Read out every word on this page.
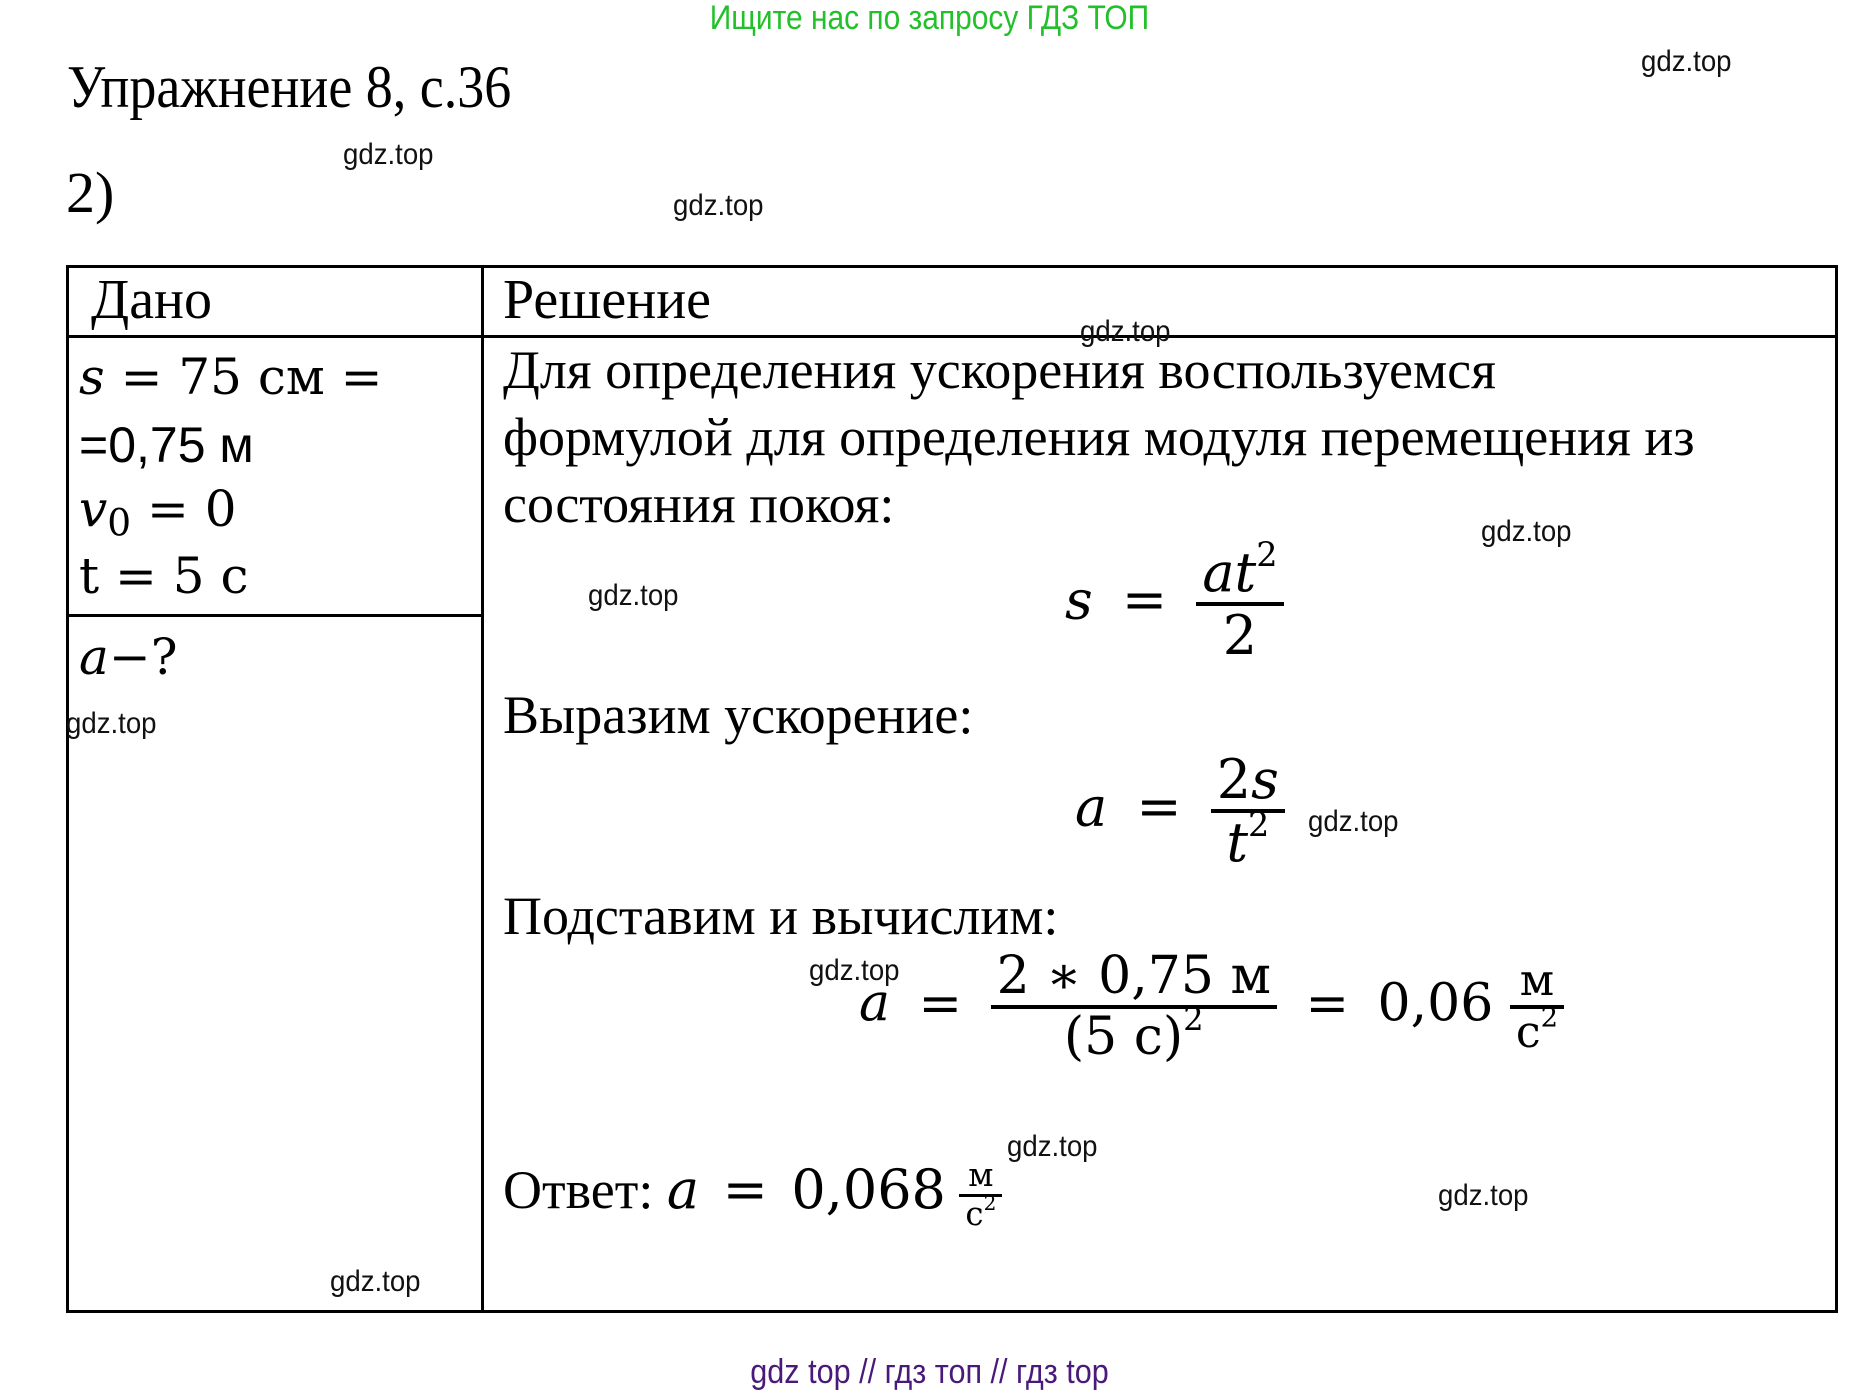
Ищите нас по запросу ГДЗ ТОП
Упражнение 8, с.36
2)
Дано	Решение
s = 75 см =
=0,75 м
v0 = 0
t = 5 с
a−?
Для определения ускорения воспользуемся
формулой для определения модуля перемещения из
состояния покоя:
$s = \frac{at^2}{2}$
Выразим ускорение:
$a = \frac{2s}{t^2}$
Подставим и вычислим:
$a = \frac{2 ∗ 0,75 м}{(5 с)^2} = 0,06 \frac{м}{с^2}$
Ответ: $a = 0,068 \frac{м}{с^2}$
gdz.top
gdz.top
gdz.top
gdz.top
gdz.top
gdz.top
gdz.top
gdz.top
gdz.top
gdz.top
gdz.top
gdz.top
gdz top // гдз топ // гдз top
